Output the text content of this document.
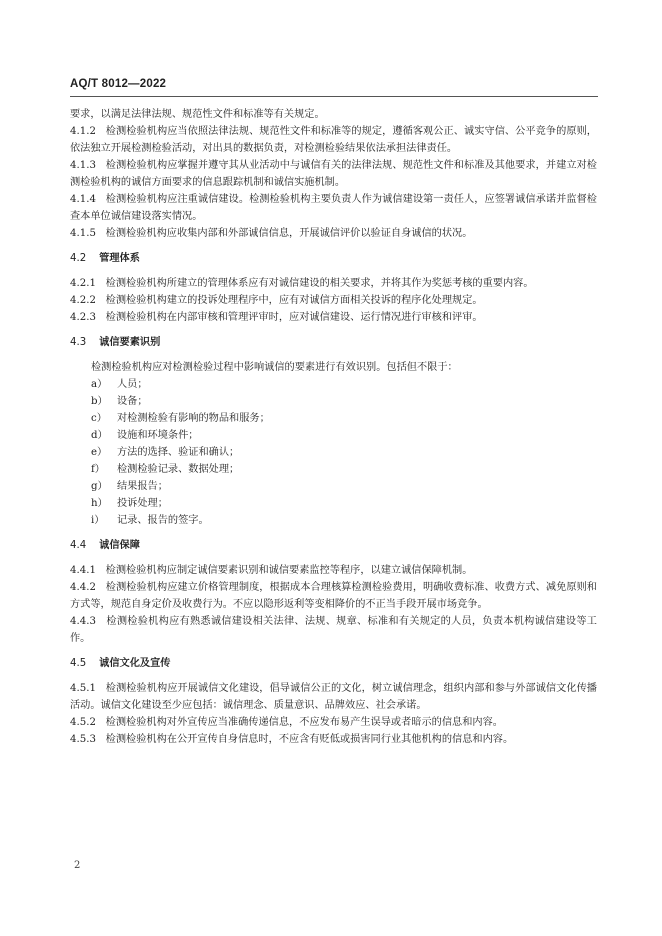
AQ/T 8012—2022

要求，以满足法律法规、规范性文件和标准等有关规定。

4.1.2 检测检验机构应当依照法律法规、规范性文件和标准等的规定，遵循客观公正、诚实守信、公平竞争的原则，依法独立开展检测检验活动，对出具的数据负责，对检测检验结果依法承担法律责任。

4.1.3 检测检验机构应掌握并遵守其从业活动中与诚信有关的法律法规、规范性文件和标准及其他要求，并建立对检测检验机构的诚信方面要求的信息跟踪机制和诚信实施机制。

4.1.4 检测检验机构应注重诚信建设。检测检验机构主要负责人作为诚信建设第一责任人，应签署诚信承诺并监督检查本单位诚信建设落实情况。

4.1.5 检测检验机构应收集内部和外部诚信信息，开展诚信评价以验证自身诚信的状况。

4.2 管理体系

4.2.1 检测检验机构所建立的管理体系应有对诚信建设的相关要求，并将其作为奖惩考核的重要内容。

4.2.2 检测检验机构建立的投诉处理程序中，应有对诚信方面相关投诉的程序化处理规定。

4.2.3 检测检验机构在内部审核和管理评审时，应对诚信建设、运行情况进行审核和评审。

4.3 诚信要素识别

检测检验机构应对检测检验过程中影响诚信的要素进行有效识别。包括但不限于：

a） 人员；
b） 设备；
c） 对检测检验有影响的物品和服务；
d） 设施和环境条件；
e） 方法的选择、验证和确认；
f）	检测检验记录、数据处理；
g） 结果报告；
h） 投诉处理；
i）	记录、报告的签字。

4.4 诚信保障

4.4.1 检测检验机构应制定诚信要素识别和诚信要素监控等程序，以建立诚信保障机制。

4.4.2 检测检验机构应建立价格管理制度，根据成本合理核算检测检验费用，明确收费标准、收费方式、减免原则和方式等，规范自身定价及收费行为。不应以隐形返利等变相降价的不正当手段开展市场竞争。

4.4.3 检测检验机构应有熟悉诚信建设相关法律、法规、规章、标准和有关规定的人员，负责本机构诚信建设等工作。

4.5 诚信文化及宣传

4.5.1 检测检验机构应开展诚信文化建设，倡导诚信公正的文化，树立诚信理念，组织内部和参与外部诚信文化传播活动。诚信文化建设至少应包括：诚信理念、质量意识、品牌效应、社会承诺。

4.5.2 检测检验机构对外宣传应当准确传递信息，不应发布易产生误导或者暗示的信息和内容。

4.5.3 检测检验机构在公开宣传自身信息时，不应含有贬低或损害同行业其他机构的信息和内容。

2
